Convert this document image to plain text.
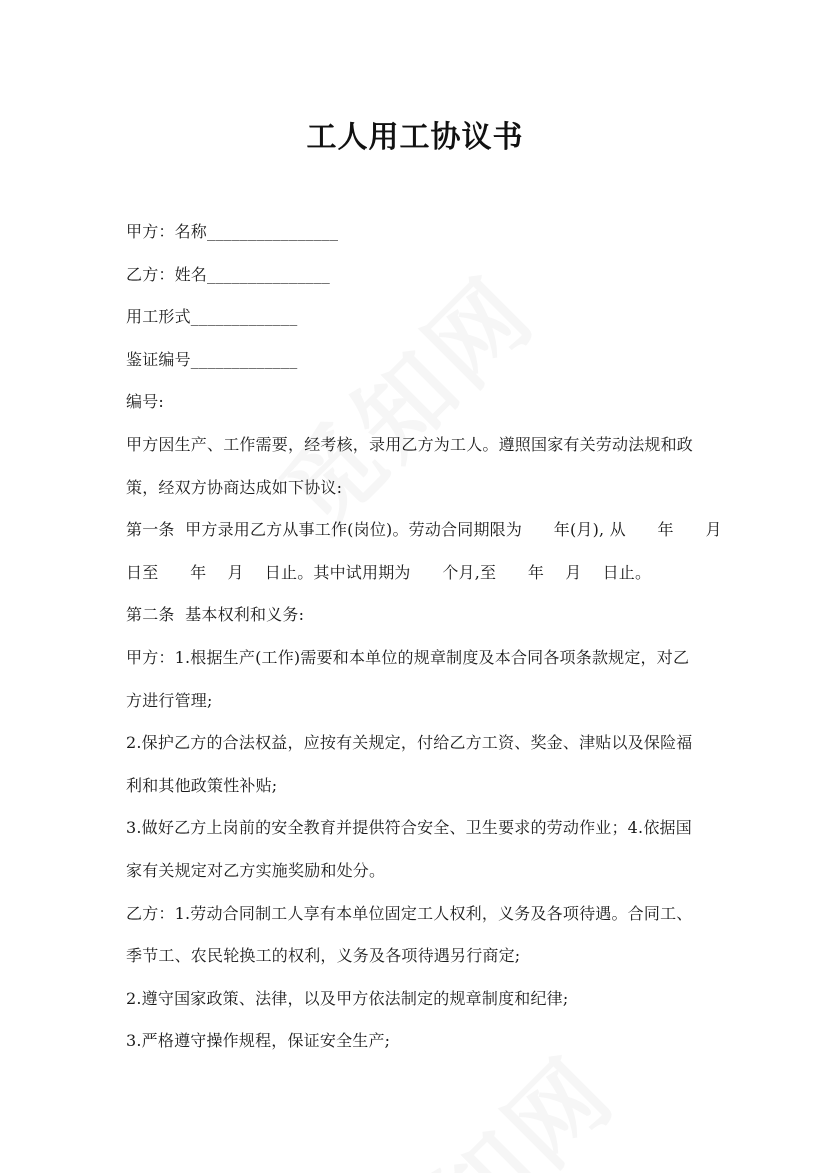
工人用工协议书
甲方：名称________________
乙方：姓名_______________
用工形式_____________
鉴证编号_____________
编号:
甲方因生产、工作需要，经考核，录用乙方为工人。遵照国家有关劳动法规和政
策，经双方协商达成如下协议:
第一条  甲方录用乙方从事工作(岗位)。劳动合同期限为      年(月), 从      年      月
日至      年    月    日止。其中试用期为      个月,至      年    月    日止。
第二条  基本权利和义务:
甲方：1.根据生产(工作)需要和本单位的规章制度及本合同各项条款规定，对乙
方进行管理;
2.保护乙方的合法权益，应按有关规定，付给乙方工资、奖金、津贴以及保险福
利和其他政策性补贴;
3.做好乙方上岗前的安全教育并提供符合安全、卫生要求的劳动作业；4.依据国
家有关规定对乙方实施奖励和处分。
乙方：1.劳动合同制工人享有本单位固定工人权利，义务及各项待遇。合同工、
季节工、农民轮换工的权利，义务及各项待遇另行商定;
2.遵守国家政策、法律，以及甲方依法制定的规章制度和纪律;
3.严格遵守操作规程，保证安全生产;
